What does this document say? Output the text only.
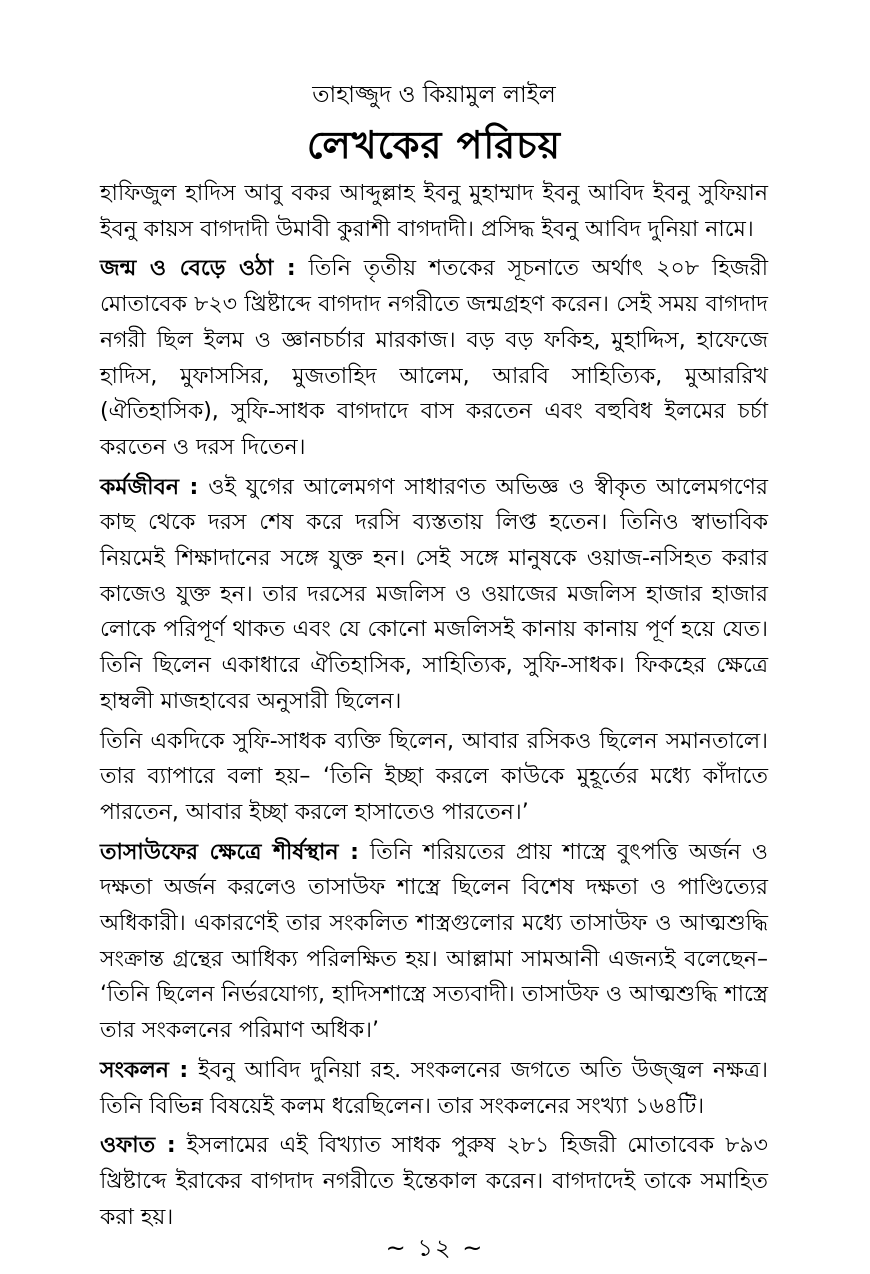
তাহাজ্জুদ ও কিয়ামুল লাইল
লেখকের পরিচয়

হাফিজুল হাদিস আবু বকর আব্দুল্লাহ ইবনু মুহাম্মাদ ইবনু আবিদ ইবনু সুফিয়ান ইবনু কায়স বাগদাদী উমাবী কুরাশী বাগদাদী। প্রসিদ্ধ ইবনু আবিদ দুনিয়া নামে।

জন্ম ও বেড়ে ওঠা : তিনি তৃতীয় শতকের সূচনাতে অর্থাৎ ২০৮ হিজরী মোতাবেক ৮২৩ খ্রিষ্টাব্দে বাগদাদ নগরীতে জন্মগ্রহণ করেন। সেই সময় বাগদাদ নগরী ছিল ইলম ও জ্ঞানচর্চার মারকাজ। বড় বড় ফকিহ, মুহাদ্দিস, হাফেজে হাদিস, মুফাসসির, মুজতাহিদ আলেম, আরবি সাহিত্যিক, মুআররিখ (ঐতিহাসিক), সুফি-সাধক বাগদাদে বাস করতেন এবং বহুবিধ ইলমের চর্চা করতেন ও দরস দিতেন।

কর্মজীবন : ওই যুগের আলেমগণ সাধারণত অভিজ্ঞ ও স্বীকৃত আলেমগণের কাছ থেকে দরস শেষ করে দরসি ব্যস্ততায় লিপ্ত হতেন। তিনিও স্বাভাবিক নিয়মেই শিক্ষাদানের সঙ্গে যুক্ত হন। সেই সঙ্গে মানুষকে ওয়াজ-নসিহত করার কাজেও যুক্ত হন। তার দরসের মজলিস ও ওয়াজের মজলিস হাজার হাজার লোকে পরিপূর্ণ থাকত এবং যে কোনো মজলিসই কানায় কানায় পূর্ণ হয়ে যেত। তিনি ছিলেন একাধারে ঐতিহাসিক, সাহিত্যিক, সুফি-সাধক। ফিকহের ক্ষেত্রে হাম্বলী মাজহাবের অনুসারী ছিলেন।

তিনি একদিকে সুফি-সাধক ব্যক্তি ছিলেন, আবার রসিকও ছিলেন সমানতালে। তার ব্যাপারে বলা হয়– ‘তিনি ইচ্ছা করলে কাউকে মুহূর্তের মধ্যে কাঁদাতে পারতেন, আবার ইচ্ছা করলে হাসাতেও পারতেন।’

তাসাউফের ক্ষেত্রে শীর্ষস্থান : তিনি শরিয়তের প্রায় শাস্ত্রে বুৎপত্তি অর্জন ও দক্ষতা অর্জন করলেও তাসাউফ শাস্ত্রে ছিলেন বিশেষ দক্ষতা ও পাণ্ডিত্যের অধিকারী। একারণেই তার সংকলিত শাস্ত্রগুলোর মধ্যে তাসাউফ ও আত্মশুদ্ধি সংক্রান্ত গ্রন্থের আধিক্য পরিলক্ষিত হয়। আল্লামা সামআনী এজন্যই বলেছেন– ‘তিনি ছিলেন নির্ভরযোগ্য, হাদিসশাস্ত্রে সত্যবাদী। তাসাউফ ও আত্মশুদ্ধি শাস্ত্রে তার সংকলনের পরিমাণ অধিক।’

সংকলন : ইবনু আবিদ দুনিয়া রহ. সংকলনের জগতে অতি উজ্জ্বল নক্ষত্র। তিনি বিভিন্ন বিষয়েই কলম ধরেছিলেন। তার সংকলনের সংখ্যা ১৬৪টি।

ওফাত : ইসলামের এই বিখ্যাত সাধক পুরুষ ২৮১ হিজরী মোতাবেক ৮৯৩ খ্রিষ্টাব্দে ইরাকের বাগদাদ নগরীতে ইন্তেকাল করেন। বাগদাদেই তাকে সমাহিত করা হয়।

~ ১২ ~
